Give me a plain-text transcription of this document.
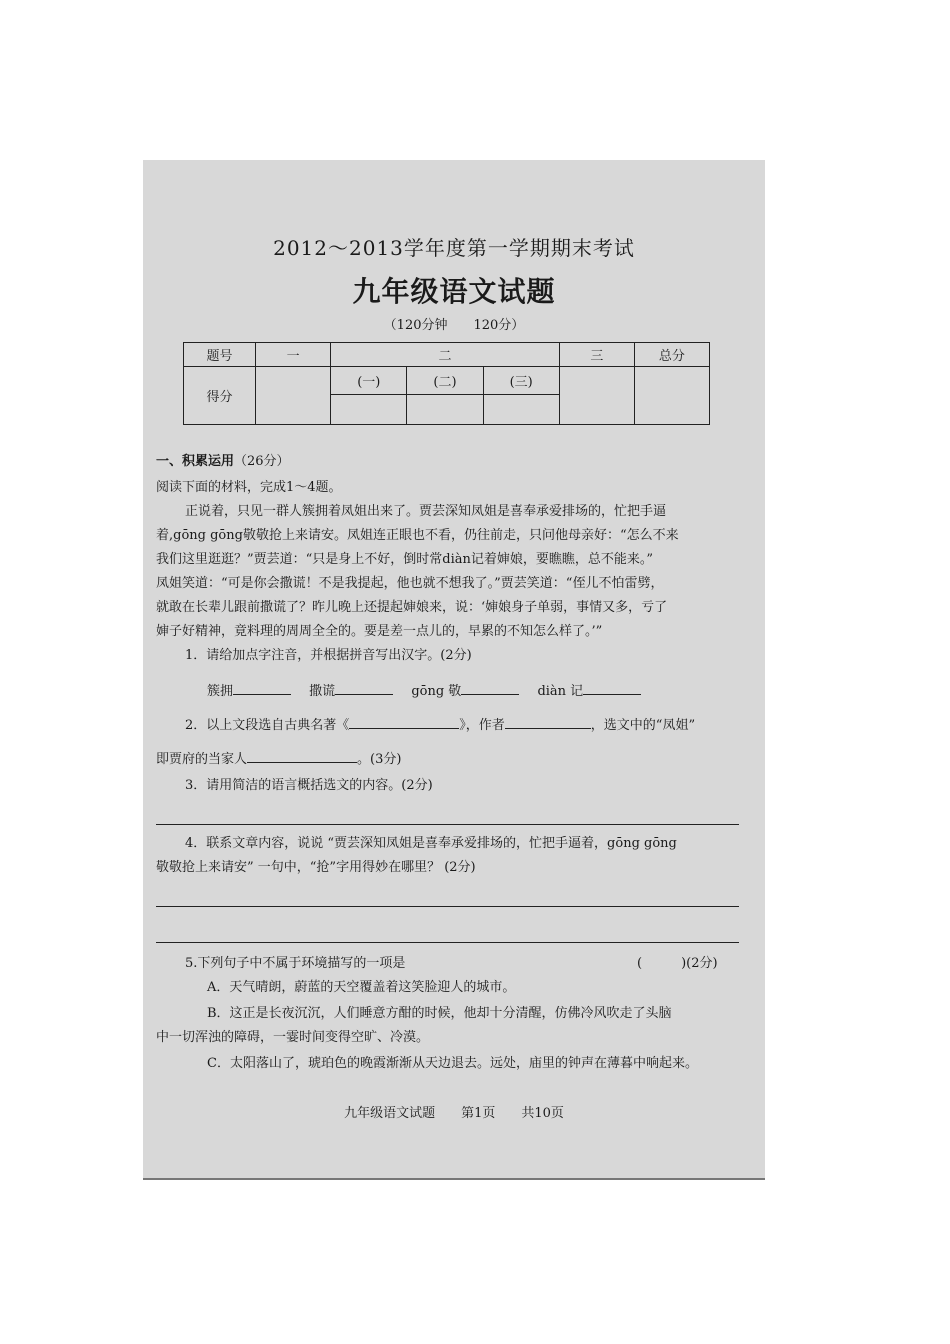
2012～2013学年度第一学期期末考试
九年级语文试题
（120分钟　　120分）
题号	一	二			三	总分
得分		(一)	(二)	(三)		

一、积累运用（26分）
阅读下面的材料，完成1～4题。
正说着，只见一群人簇拥着凤姐出来了。贾芸深知凤姐是喜奉承爱排场的，忙把手逼
着,gōng gōng敬敬抢上来请安。凤姐连正眼也不看，仍往前走，只问他母亲好：“怎么不来
我们这里逛逛？”贾芸道：“只是身上不好，倒时常diàn记着婶娘，要瞧瞧，总不能来。”
凤姐笑道：“可是你会撒谎！不是我提起，他也就不想我了。”贾芸笑道：“侄儿不怕雷劈，
就敢在长辈儿跟前撒谎了？昨儿晚上还提起婶娘来，说：‘婶娘身子单弱，事情又多，亏了
婶子好精神，竟料理的周周全全的。要是差一点儿的，早累的不知怎么样了。’”
1．请给加点字注音，并根据拼音写出汉字。(2分)
簇拥	撒谎	gōng 敬	diàn 记
2．以上文段选自古典名著《	》，作者	，选文中的“凤姐”
即贾府的当家人	。(3分)
3．请用简洁的语言概括选文的内容。(2分)
4．联系文章内容，说说 “贾芸深知凤姐是喜奉承爱排场的，忙把手逼着，gōng gōng
敬敬抢上来请安” 一句中，“抢”字用得妙在哪里？ (2分)
5.下列句子中不属于环境描写的一项是	(　　　)(2分)
A．天气晴朗，蔚蓝的天空覆盖着这笑脸迎人的城市。
B．这正是长夜沉沉，人们睡意方酣的时候，他却十分清醒，仿佛冷风吹走了头脑
中一切浑浊的障碍，一霎时间变得空旷、冷漠。
C．太阳落山了，琥珀色的晚霞渐渐从天边退去。远处，庙里的钟声在薄暮中响起来。
九年级语文试题　　第1页　　共10页
